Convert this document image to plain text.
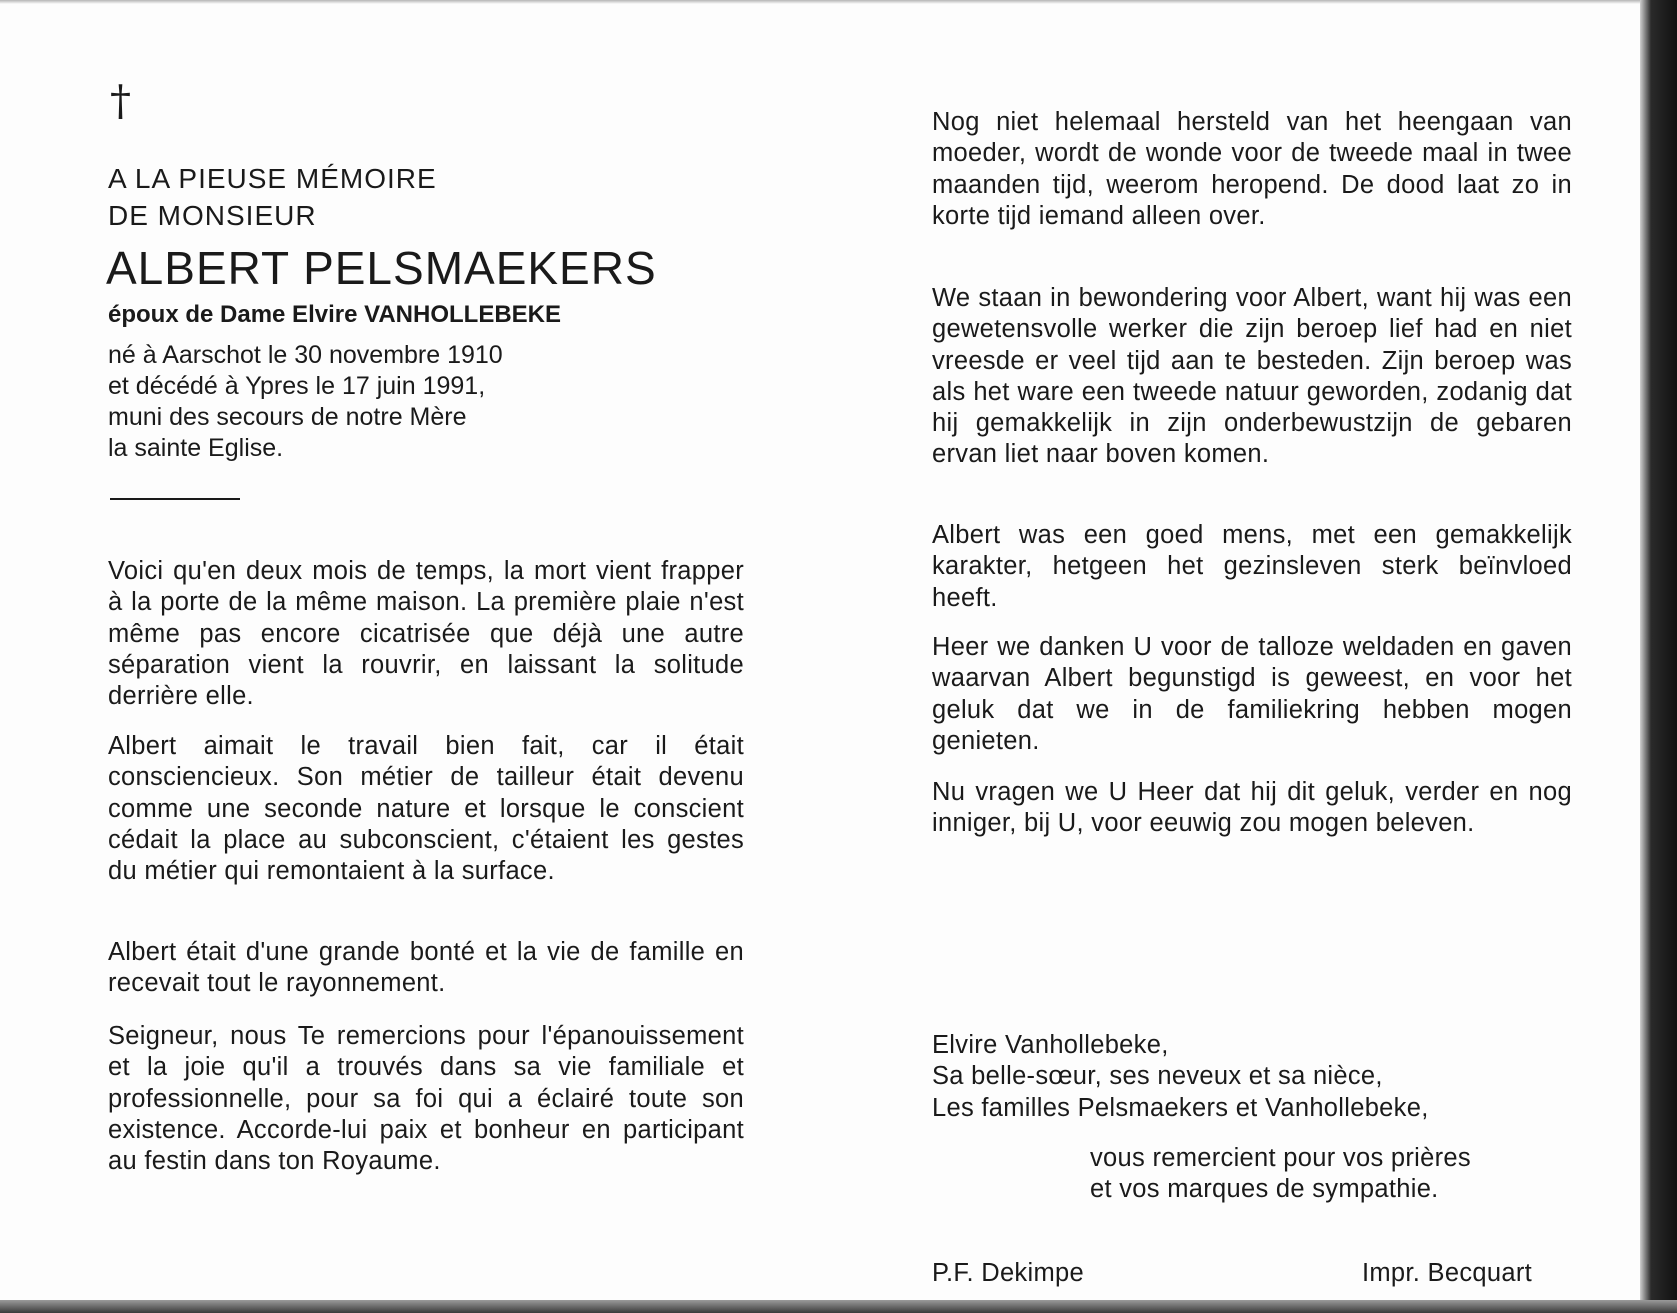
†
A LA PIEUSE MÉMOIRE
DE MONSIEUR
ALBERT PELSMAEKERS
époux de Dame Elvire VANHOLLEBEKE
né à Aarschot le 30 novembre 1910
et décédé à Ypres le 17 juin 1991,
muni des secours de notre Mère
la sainte Eglise.

Voici qu'en deux mois de temps, la mort vient frapper à la porte de la même maison. La première plaie n'est même pas encore cicatrisée que déjà une autre séparation vient la rouvrir, en laissant la solitude derrière elle.

Albert aimait le travail bien fait, car il était consciencieux. Son métier de tailleur était devenu comme une seconde nature et lorsque le conscient cédait la place au subconscient, c'étaient les gestes du métier qui remontaient à la surface.

Albert était d'une grande bonté et la vie de famille en recevait tout le rayonnement.

Seigneur, nous Te remercions pour l'épanouissement et la joie qu'il a trouvés dans sa vie familiale et professionnelle, pour sa foi qui a éclairé toute son existence. Accorde-lui paix et bonheur en participant au festin dans ton Royaume.

Nog niet helemaal hersteld van het heengaan van moeder, wordt de wonde voor de tweede maal in twee maanden tijd, weerom heropend. De dood laat zo in korte tijd iemand alleen over.

We staan in bewondering voor Albert, want hij was een gewetensvolle werker die zijn beroep lief had en niet vreesde er veel tijd aan te besteden. Zijn beroep was als het ware een tweede natuur geworden, zodanig dat hij gemakkelijk in zijn onderbewustzijn de gebaren ervan liet naar boven komen.

Albert was een goed mens, met een gemakkelijk karakter, hetgeen het gezinsleven sterk beïnvloed heeft.

Heer we danken U voor de talloze weldaden en gaven waarvan Albert begunstigd is geweest, en voor het geluk dat we in de familiekring hebben mogen genieten.

Nu vragen we U Heer dat hij dit geluk, verder en nog inniger, bij U, voor eeuwig zou mogen beleven.

Elvire Vanhollebeke,
Sa belle-sœur, ses neveux et sa nièce,
Les familles Pelsmaekers et Vanhollebeke,
vous remercient pour vos prières
et vos marques de sympathie.
P.F. Dekimpe	Impr. Becquart
